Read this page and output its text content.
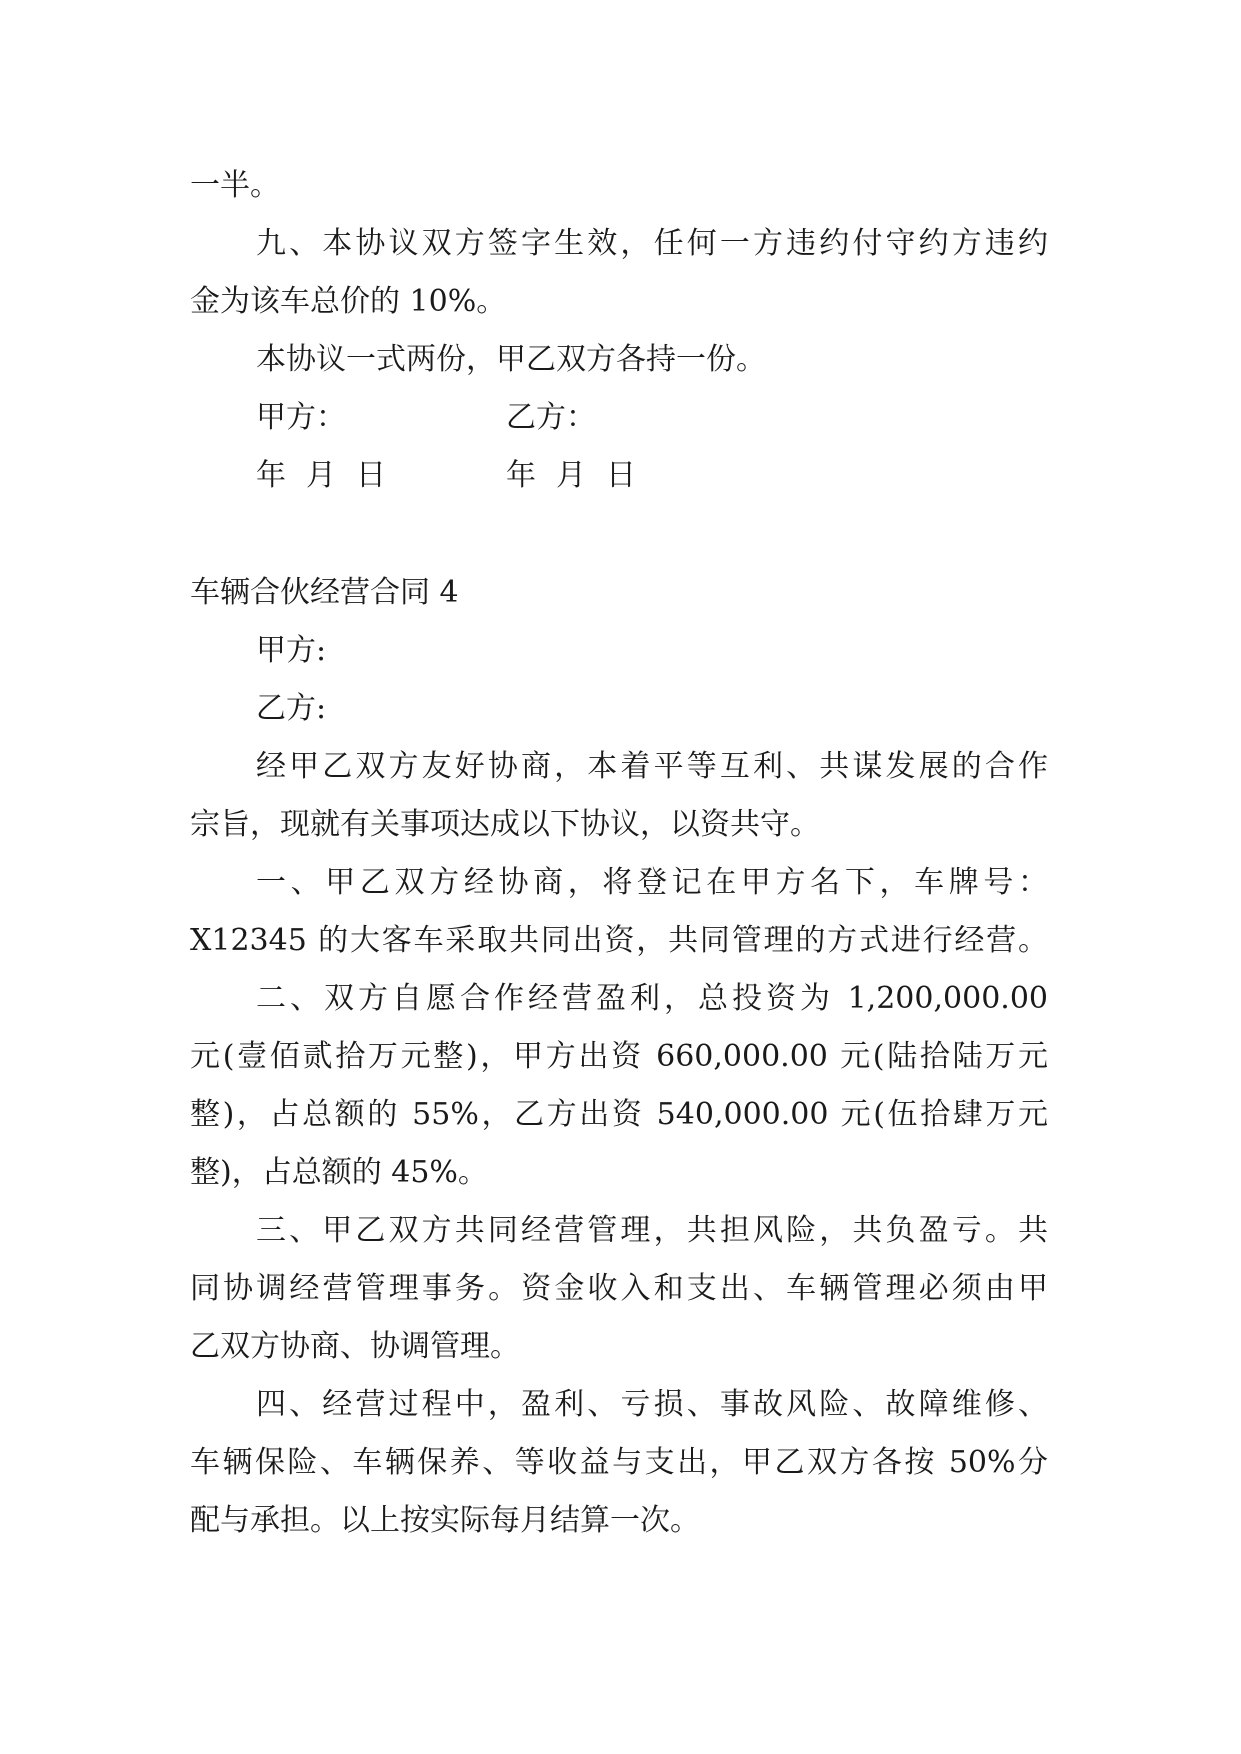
一半。
九、本协议双方签字生效，任何一方违约付守约方违约
金为该车总价的 10%。
本协议一式两份，甲乙双方各持一份。
甲方：	乙方：
年 月 日	年 月 日
车辆合伙经营合同 4
甲方:
乙方:
经甲乙双方友好协商，本着平等互利、共谋发展的合作
宗旨，现就有关事项达成以下协议，以资共守。
一、甲乙双方经协商，将登记在甲方名下，车牌号：
X12345 的大客车采取共同出资，共同管理的方式进行经营。
二、双方自愿合作经营盈利，总投资为 1,200,000.00
元(壹佰贰拾万元整)，甲方出资 660,000.00 元(陆拾陆万元
整)，占总额的 55%，乙方出资 540,000.00 元(伍拾肆万元
整)，占总额的 45%。
三、甲乙双方共同经营管理，共担风险，共负盈亏。共
同协调经营管理事务。资金收入和支出、车辆管理必须由甲
乙双方协商、协调管理。
四、经营过程中，盈利、亏损、事故风险、故障维修、
车辆保险、车辆保养、等收益与支出，甲乙双方各按 50%分
配与承担。以上按实际每月结算一次。
